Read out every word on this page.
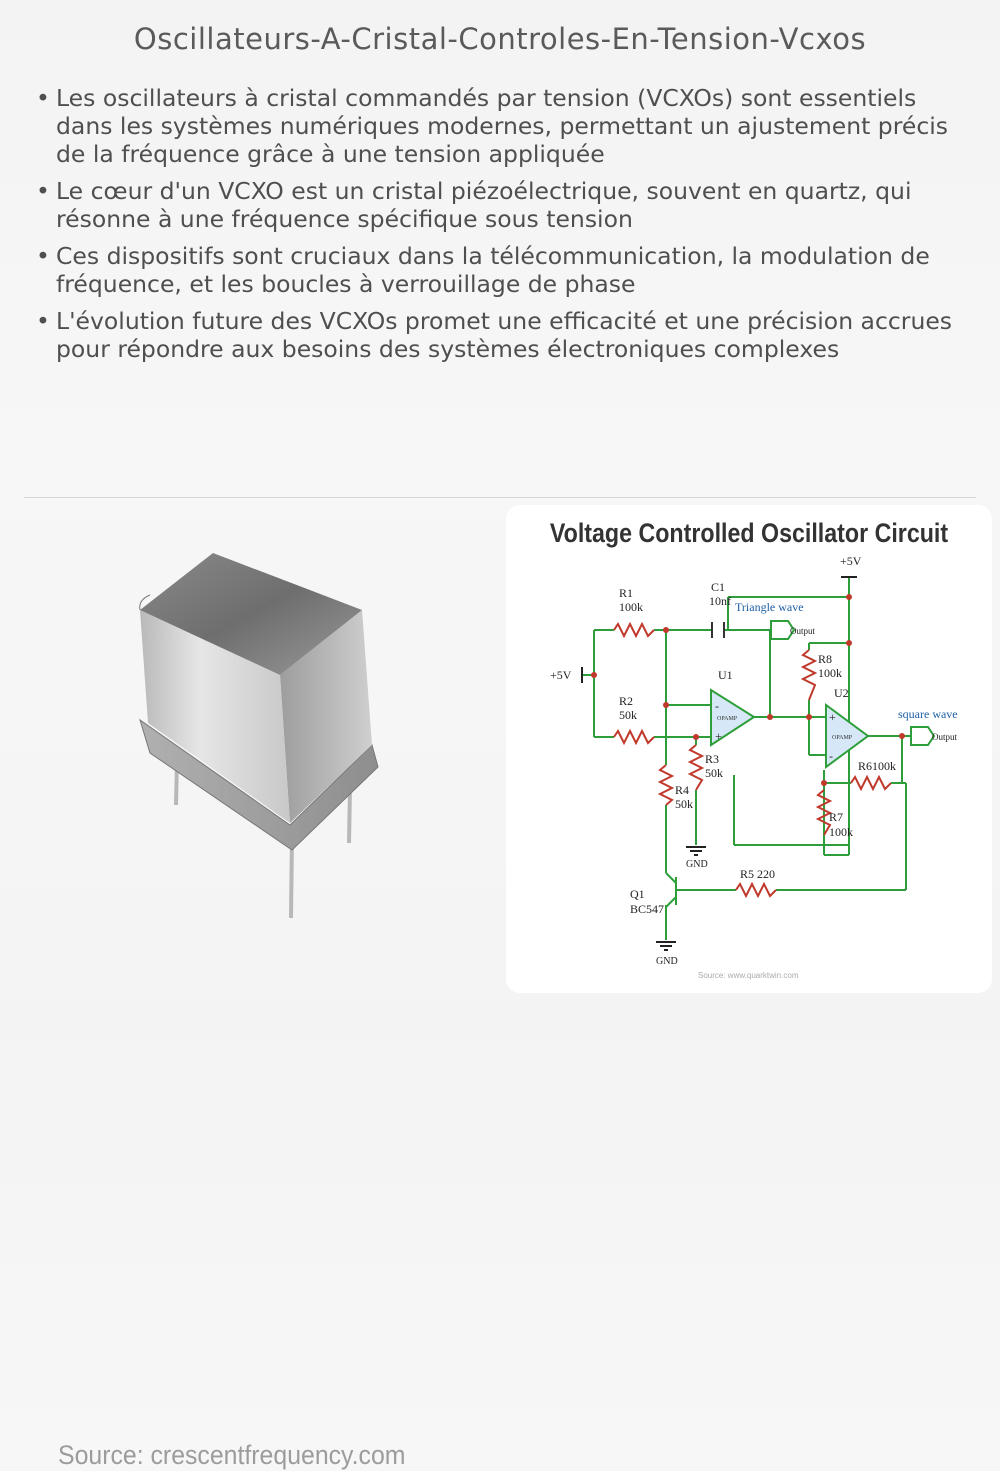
Oscillateurs-A-Cristal-Controles-En-Tension-Vcxos
• Les oscillateurs à cristal commandés par tension (VCXOs) sont essentiels dans les systèmes numériques modernes, permettant un ajustement précis de la fréquence grâce à une tension appliquée
• Le cœur d'un VCXO est un cristal piézoélectrique, souvent en quartz, qui résonne à une fréquence spécifique sous tension
• Ces dispositifs sont cruciaux dans la télécommunication, la modulation de fréquence, et les boucles à verrouillage de phase
• L'évolution future des VCXOs promet une efficacité et une précision accrues pour répondre aux besoins des systèmes électroniques complexes
Source: crescentfrequency.com
Voltage Controlled Oscillator Circuit
+5V
+5V
R1
100k
R2
50k
R3
50k
R4
50k
R5 220
R6100k
R7
100k
R8
100k
C1
10nf
U1
U2
Q1
BC547
GND
GND
OPAMP
OPAMP
-
+
+
-
Triangle wave
square wave
Output
Output
Source: www.quarktwin.com
